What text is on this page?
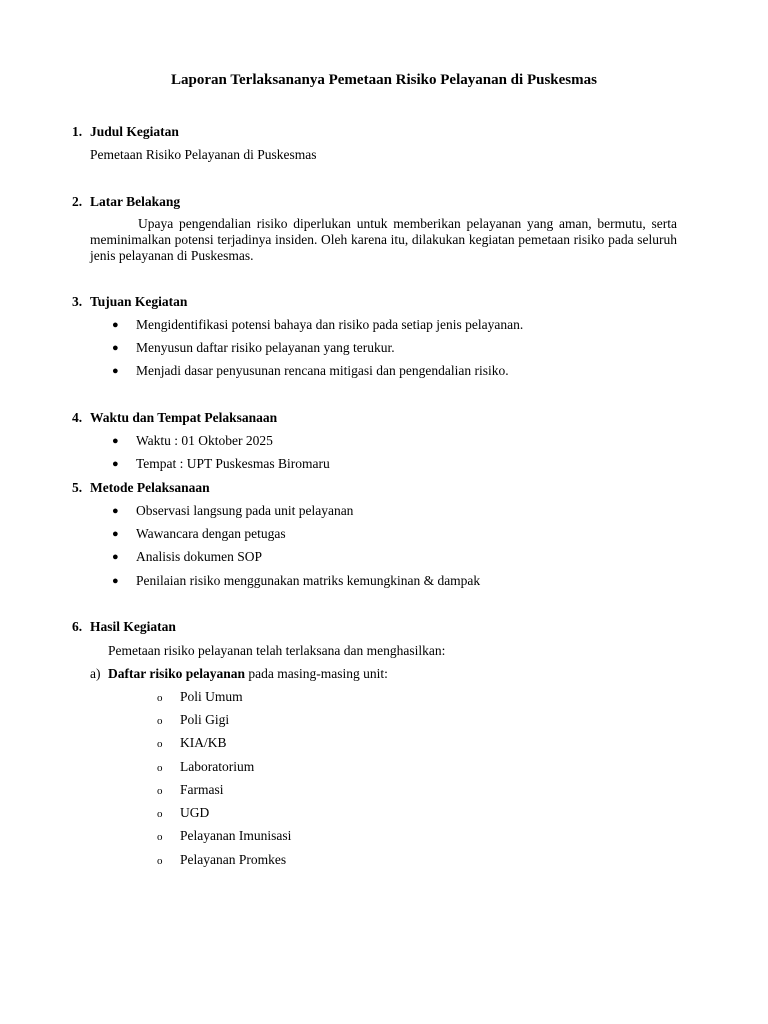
Laporan Terlaksananya Pemetaan Risiko Pelayanan di Puskesmas
1. Judul Kegiatan
Pemetaan Risiko Pelayanan di Puskesmas
2. Latar Belakang
Upaya pengendalian risiko diperlukan untuk memberikan pelayanan yang aman, bermutu, serta meminimalkan potensi terjadinya insiden. Oleh karena itu, dilakukan kegiatan pemetaan risiko pada seluruh jenis pelayanan di Puskesmas.
3. Tujuan Kegiatan
● Mengidentifikasi potensi bahaya dan risiko pada setiap jenis pelayanan.
● Menyusun daftar risiko pelayanan yang terukur.
● Menjadi dasar penyusunan rencana mitigasi dan pengendalian risiko.
4. Waktu dan Tempat Pelaksanaan
● Waktu : 01 Oktober 2025
● Tempat : UPT Puskesmas Biromaru
5. Metode Pelaksanaan
● Observasi langsung pada unit pelayanan
● Wawancara dengan petugas
● Analisis dokumen SOP
● Penilaian risiko menggunakan matriks kemungkinan & dampak
6. Hasil Kegiatan
Pemetaan risiko pelayanan telah terlaksana dan menghasilkan:
a) Daftar risiko pelayanan pada masing-masing unit:
o Poli Umum
o Poli Gigi
o KIA/KB
o Laboratorium
o Farmasi
o UGD
o Pelayanan Imunisasi
o Pelayanan Promkes
